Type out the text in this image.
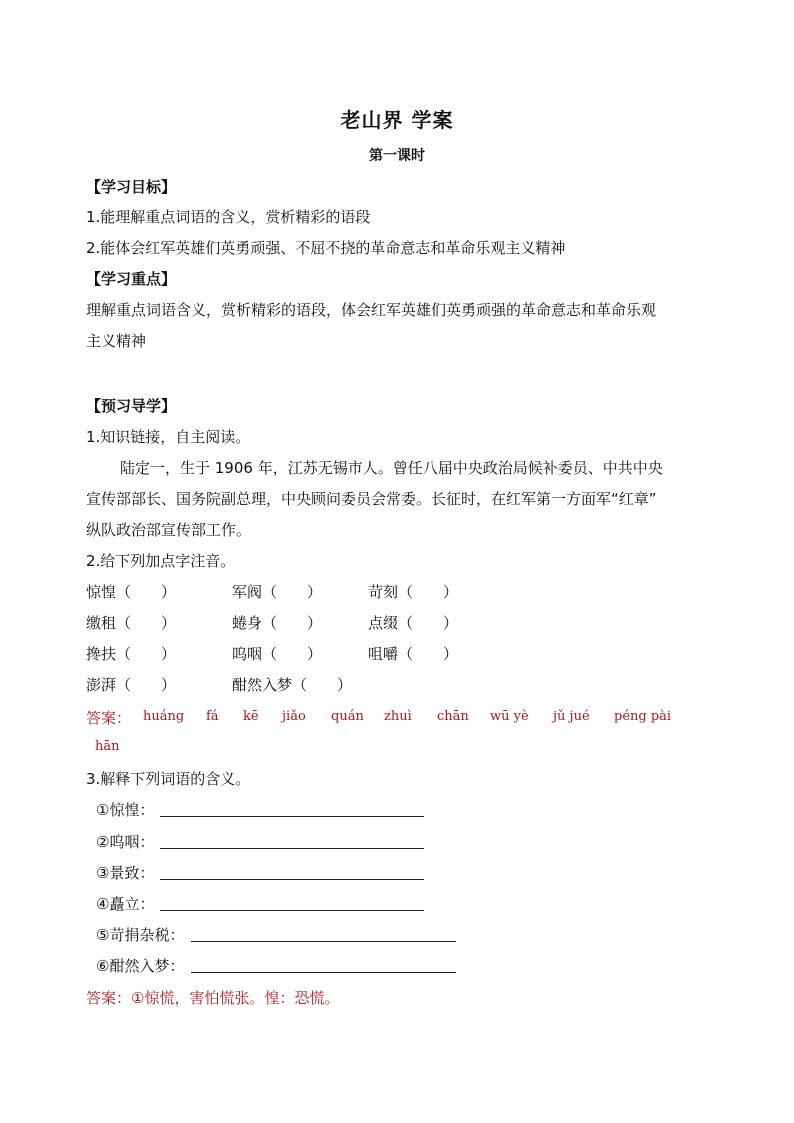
老山界 学案
第一课时
【学习目标】
1.能理解重点词语的含义，赏析精彩的语段
2.能体会红军英雄们英勇顽强、不屈不挠的革命意志和革命乐观主义精神
【学习重点】
理解重点词语含义，赏析精彩的语段，体会红军英雄们英勇顽强的革命意志和革命乐观
主义精神
【预习导学】
1.知识链接，自主阅读。
陆定一，生于 1906 年，江苏无锡市人。曾任八届中央政治局候补委员、中共中央
宣传部部长、国务院副总理，中央顾问委员会常委。长征时，在红军第一方面军“红章”
纵队政治部宣传部工作。
2.给下列加点字注音。
惊惶（　　）	军阀（　　）	苛刻（　　）
缴租（　　）	蜷身（　　）	点缀（　　）
搀扶（　　）	呜咽（　　）	咀嚼（　　）
澎湃（　　）	酣然入梦（　　）
答案： huáng fá kē jiǎo quán zhuì chān wū yè jǔ jué péng pài
hān
3.解释下列词语的含义。
①惊惶：
②呜咽：
③景致：
④矗立：
⑤苛捐杂税：
⑥酣然入梦：
答案：①惊慌，害怕慌张。惶：恐慌。
